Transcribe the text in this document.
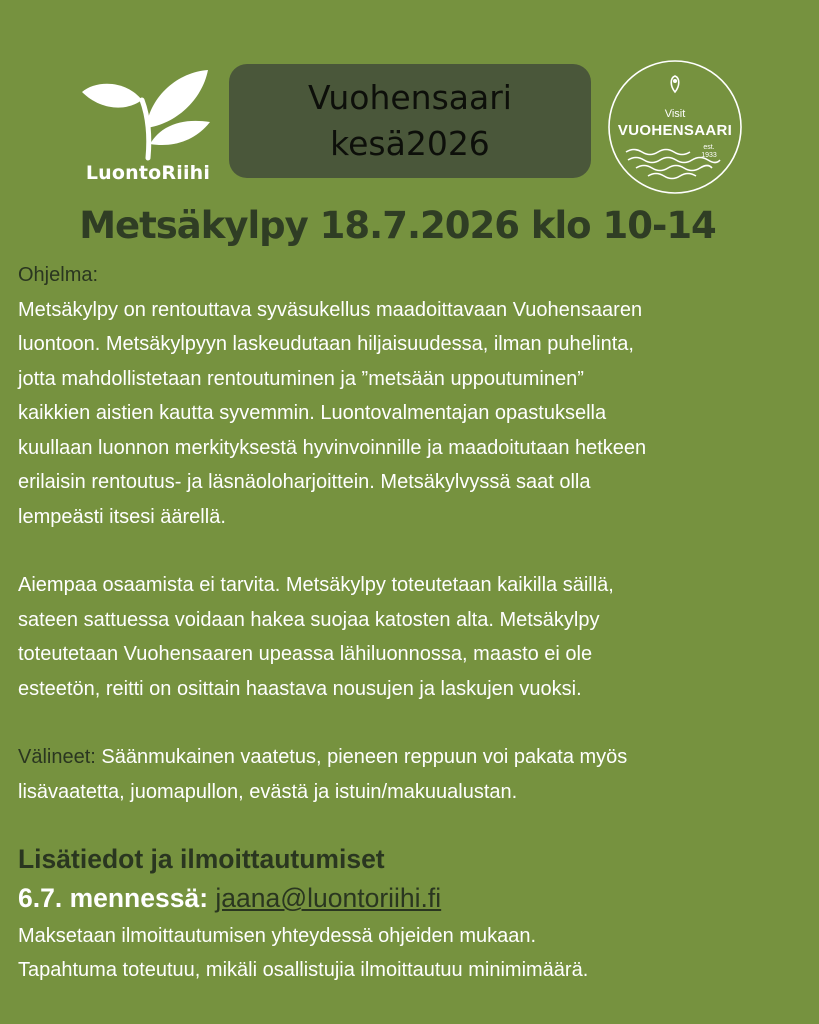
LuontoRiihi
Vuohensaari
kesä2026
Visit
VUOHENSAARI
est.
1933
Metsäkylpy 18.7.2026 klo 10-14

Ohjelma:

Metsäkylpy on rentouttava syväsukellus maadoittavaan Vuohensaaren

luontoon. Metsäkylpyyn laskeudutaan hiljaisuudessa, ilman puhelinta,

jotta mahdollistetaan rentoutuminen ja ”metsään uppoutuminen”

kaikkien aistien kautta syvemmin. Luontovalmentajan opastuksella

kuullaan luonnon merkityksestä hyvinvoinnille ja maadoitutaan hetkeen

erilaisin rentoutus- ja läsnäoloharjoittein. Metsäkylvyssä saat olla

lempeästi itsesi äärellä.

Aiempaa osaamista ei tarvita. Metsäkylpy toteutetaan kaikilla säillä,

sateen sattuessa voidaan hakea suojaa katosten alta. Metsäkylpy

toteutetaan Vuohensaaren upeassa lähiluonnossa, maasto ei ole

esteetön, reitti on osittain haastava nousujen ja laskujen vuoksi.

Välineet: Säänmukainen vaatetus, pieneen reppuun voi pakata myös

lisävaatetta, juomapullon, evästä ja istuin/makuualustan.

Lisätiedot ja ilmoittautumiset
6.7. mennessä: jaana@luontoriihi.fi

Maksetaan ilmoittautumisen yhteydessä ohjeiden mukaan.

Tapahtuma toteutuu, mikäli osallistujia ilmoittautuu minimimäärä.
